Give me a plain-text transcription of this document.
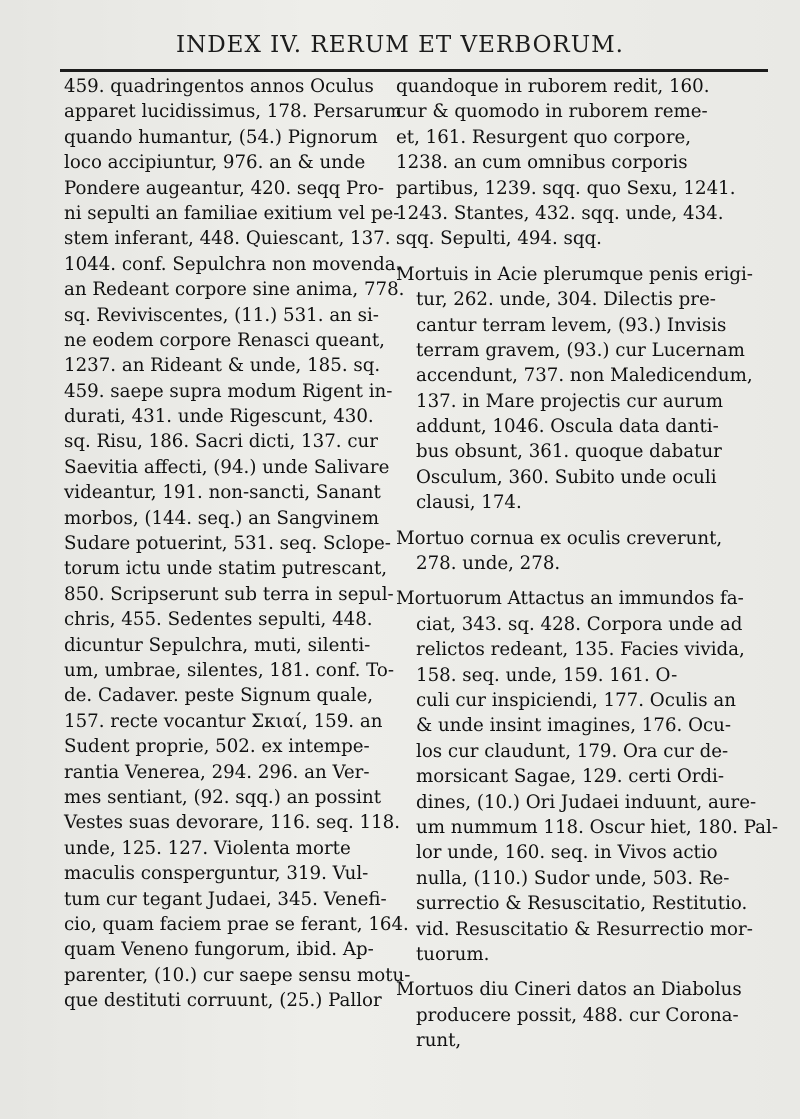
INDEX IV. RERUM ET VERBORUM.
459. quadringentos annos Oculus
apparet lucidissimus, 178. Persarum
quando humantur, (54.) Pignorum
loco accipiuntur, 976. an & unde
Pondere augeantur, 420. seqq Pro-
ni sepulti an familiae exitium vel pe-
stem inferant, 448. Quiescant, 137.
1044. conf. Sepulchra non movenda.
an Redeant corpore sine anima, 778.
sq. Reviviscentes, (11.) 531. an si-
ne eodem corpore Renasci queant,
1237. an Rideant & unde, 185. sq.
459. saepe supra modum Rigent in-
durati, 431. unde Rigescunt, 430.
sq. Risu, 186. Sacri dicti, 137. cur
Saevitia affecti, (94.) unde Salivare
videantur, 191. non-sancti, Sanant
morbos, (144. seq.) an Sangvinem
Sudare potuerint, 531. seq. Sclope-
torum ictu unde statim putrescant,
850. Scripserunt sub terra in sepul-
chris, 455. Sedentes sepulti, 448.
dicuntur Sepulchra, muti, silenti-
um, umbrae, silentes, 181. conf. To-
de. Cadaver. peste Signum quale,
157. recte vocantur Σκιαί, 159. an
Sudent proprie, 502. ex intempe-
rantia Venerea, 294. 296. an Ver-
mes sentiant, (92. sqq.) an possint
Vestes suas devorare, 116. seq. 118.
unde, 125. 127. Violenta morte
maculis consperguntur, 319. Vul-
tum cur tegant Judaei, 345. Venefi-
cio, quam faciem prae se ferant, 164.
quam Veneno fungorum, ibid. Ap-
parenter, (10.) cur saepe sensu motu-
que destituti corruunt, (25.) Pallor
quandoque in ruborem redit, 160.
cur & quomodo in ruborem reme-
et, 161. Resurgent quo corpore,
1238. an cum omnibus corporis
partibus, 1239. sqq. quo Sexu, 1241.
1243. Stantes, 432. sqq. unde, 434.
sqq. Sepulti, 494. sqq.
Mortuis in Acie plerumque penis erigi-
tur, 262. unde, 304. Dilectis pre-
cantur terram levem, (93.) Invisis
terram gravem, (93.) cur Lucernam
accendunt, 737. non Maledicendum,
137. in Mare projectis cur aurum
addunt, 1046. Oscula data danti-
bus obsunt, 361. quoque dabatur
Osculum, 360. Subito unde oculi
clausi, 174.
Mortuo cornua ex oculis creverunt,
278. unde, 278.
Mortuorum Attactus an immundos fa-
ciat, 343. sq. 428. Corpora unde ad
relictos redeant, 135. Facies vivida,
158. seq. unde, 159. 161. O-
culi cur inspiciendi, 177. Oculis an
& unde insint imagines, 176. Ocu-
los cur claudunt, 179. Ora cur de-
morsicant Sagae, 129. certi Ordi-
dines, (10.) Ori Judaei induunt, aure-
um nummum 118. Oscur hiet, 180. Pal-
lor unde, 160. seq. in Vivos actio
nulla, (110.) Sudor unde, 503. Re-
surrectio & Resuscitatio, Restitutio.
vid. Resuscitatio & Resurrectio mor-
tuorum.
Mortuos diu Cineri datos an Diabolus
producere possit, 488. cur Corona-
runt,
